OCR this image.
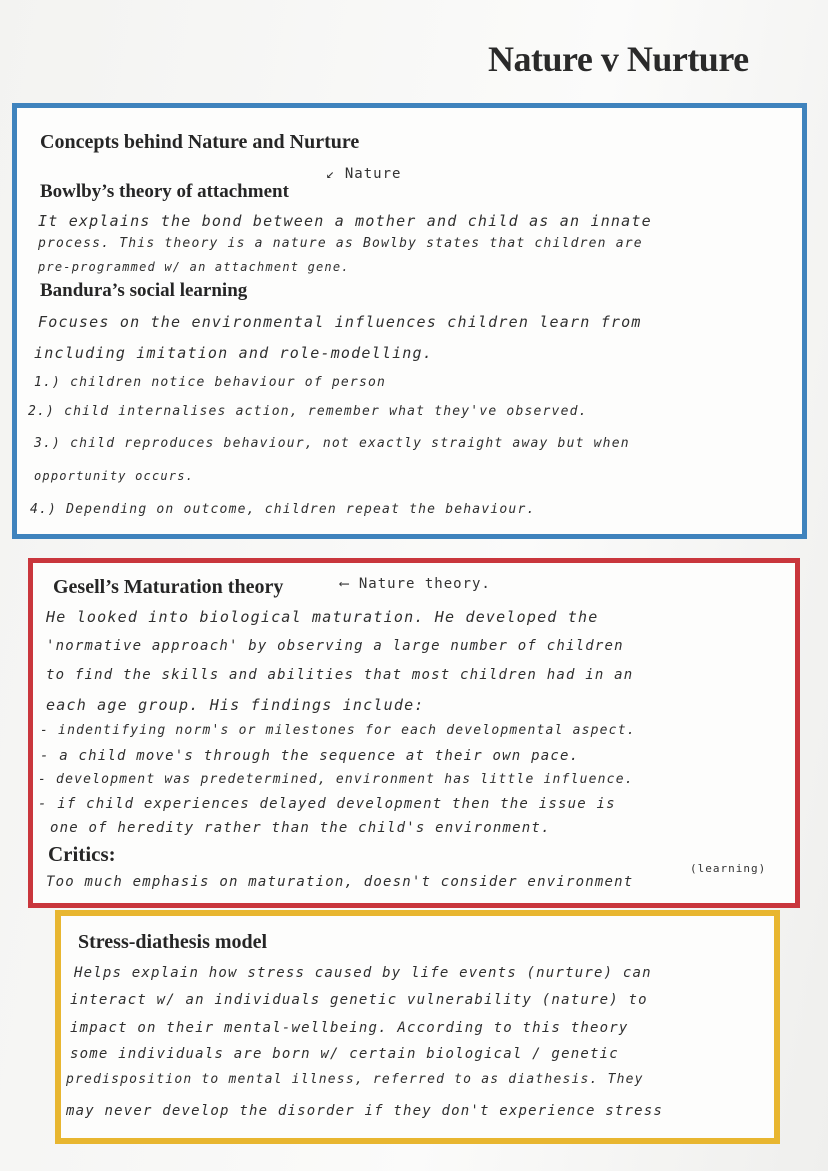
Nature v Nurture
Concepts behind Nature and Nurture
Bowlby’s theory of attachment
↙ Nature
It explains the bond between a mother and child as an innate
process. This theory is a nature as Bowlby states that children are
pre-programmed w/ an attachment gene.
Bandura’s social learning
Focuses on the environmental influences children learn from
including imitation and role-modelling.
1.) children notice behaviour of person
2.) child internalises action, remember what they've observed.
3.) child reproduces behaviour, not exactly straight away but when
opportunity occurs.
4.) Depending on outcome, children repeat the behaviour.
Gesell’s Maturation theory	⟵ Nature theory.
He looked into biological maturation. He developed the
'normative approach' by observing a large number of children
to find the skills and abilities that most children had in an
each age group. His findings include:
- indentifying norm's or milestones for each developmental aspect.
- a child move's through the sequence at their own pace.
- development was predetermined, environment has little influence.
- if child experiences delayed development then the issue is
one of heredity rather than the child's environment.
Critics:
(learning)
Too much emphasis on maturation, doesn't consider environment
Stress-diathesis model
Helps explain how stress caused by life events (nurture) can
interact w/ an individuals genetic vulnerability (nature) to
impact on their mental-wellbeing. According to this theory
some individuals are born w/ certain biological / genetic
predisposition to mental illness, referred to as diathesis. They
may never develop the disorder if they don't experience stress
